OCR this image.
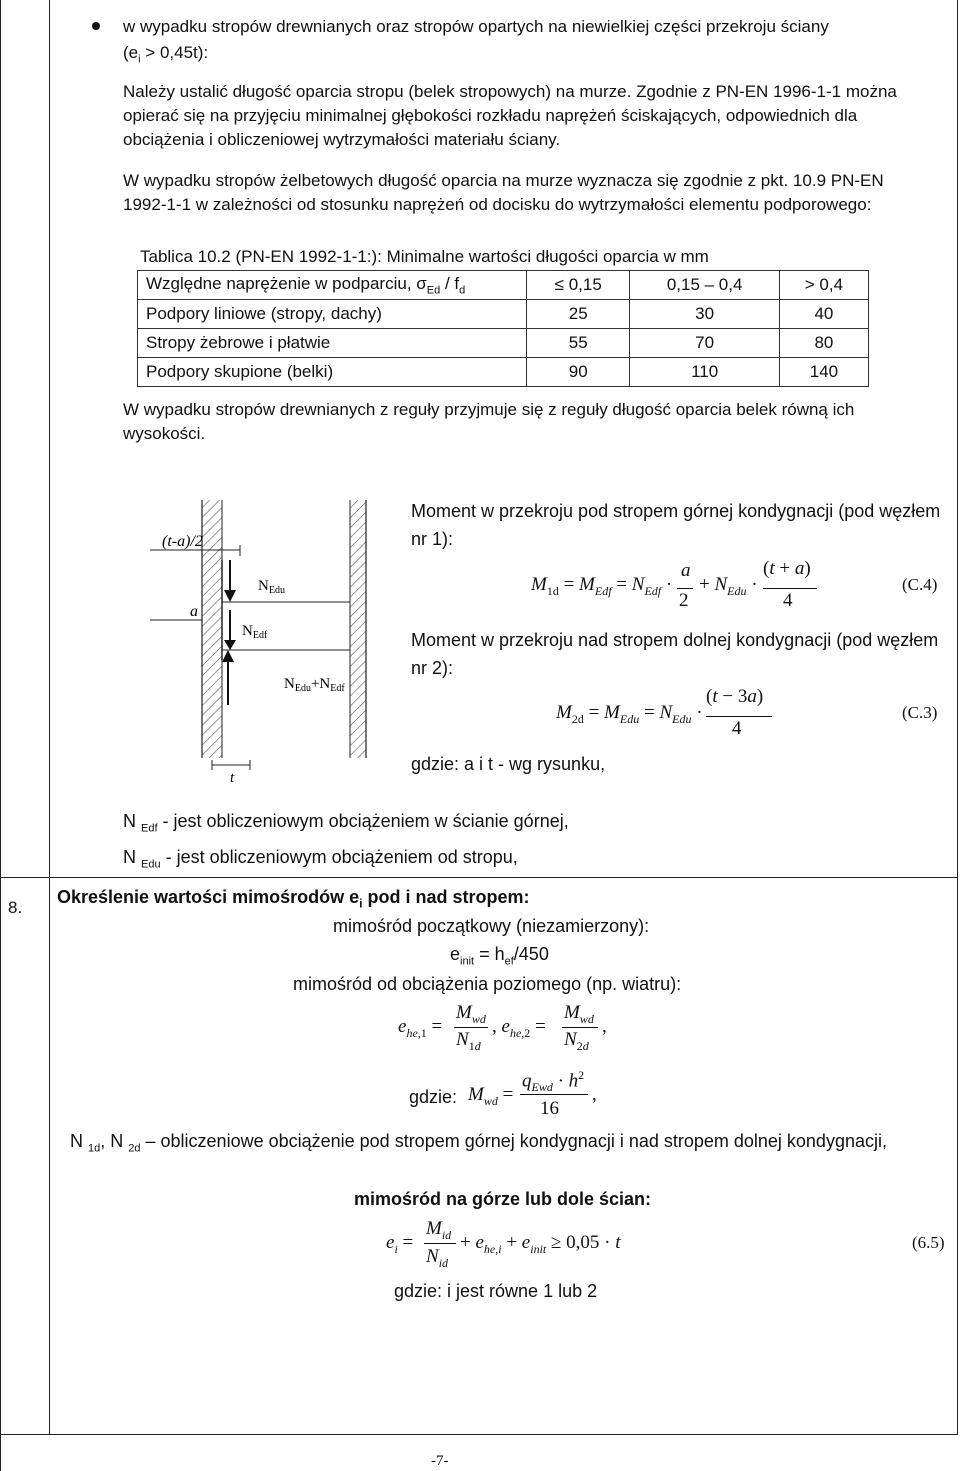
8.
w wypadku stropów drewnianych oraz stropów opartych na niewielkiej części przekroju ściany
$(e_i > 0,45t)$:
Należy ustalić długość oparcia stropu (belek stropowych) na murze. Zgodnie z PN-EN 1996-1-1 można opierać się na przyjęciu minimalnej głębokości rozkładu naprężeń ściskających, odpowiednich dla obciążenia i obliczeniowej wytrzymałości materiału ściany.
W wypadku stropów żelbetowych długość oparcia na murze wyznacza się zgodnie z pkt. 10.9 PN-EN 1992-1-1 w zależności od stosunku naprężeń od docisku do wytrzymałości elementu podporowego:
Tablica 10.2 (PN-EN 1992-1-1:): Minimalne wartości długości oparcia w mm
Względne naprężenie w podparciu, $\sigma_{Ed} / f_d$	≤ 0,15	0,15 – 0,4	> 0,4
Podpory liniowe (stropy, dachy)	25	30	40
Stropy żebrowe i płatwie	55	70	80
Podpory skupione (belki)	90	110	140
W wypadku stropów drewnianych z reguły przyjmuje się z reguły długość oparcia belek równą ich wysokości.
(t-a)/2
a
t
$N_{Edu}$
$N_{Edf}$
$N_{Edu}+N_{Edf}$
Moment w przekroju pod stropem górnej kondygnacji (pod węzłem nr 1):
$M_{1d} = M_{Edf} = N_{Edf}$ ·
a
2
+ $N_{Edu}$ ·
(t + a)
4
(C.4)
Moment w przekroju nad stropem dolnej kondygnacji (pod węzłem nr 2):
$M_{2d} = M_{Edu} = N_{Edu}$ ·
(t − 3a)
4
(C.3)
gdzie: a i t - wg rysunku,
N $_{Edf}$ - jest obliczeniowym obciążeniem w ścianie górnej,
N $_{Edu}$ - jest obliczeniowym obciążeniem od stropu,
Określenie wartości mimośrodów $e_i$ pod i nad stropem:
mimośród początkowy (niezamierzony):
$e_{init} = h_{ef}/450$
mimośród od obciążenia poziomego (np. wiatru):
$e_{he,1}$ =
$M_{wd}$
$N_{1d}$
, $e_{he,2}$ =
$M_{wd}$
$N_{2d}$
,
gdzie: $M_{wd}$ =
$q_{Ewd} \cdot h^2$
16
,
N $_{1d}$, N $_{2d}$ – obliczeniowe obciążenie pod stropem górnej kondygnacji i nad stropem dolnej kondygnacji,
mimośród na górze lub dole ścian:
$e_i$ =
$M_{id}$
$N_{id}$
+ $e_{he,i} + e_{init} \ge 0,05 \cdot t$	(6.5)
gdzie: i jest równe 1 lub 2
-7-
